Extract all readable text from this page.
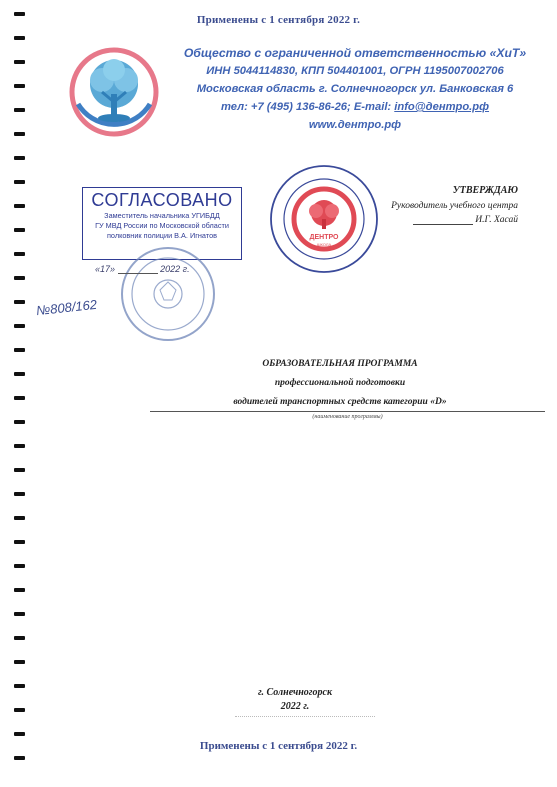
Применены с 1 сентября 2022 г.
Общество с ограниченной ответственностью «ХиТ»
ИНН 5044114830, КПП 504401001, ОГРН 1195007002706
Московская область г. Солнечногорск ул. Банковская 6
тел: +7 (495) 136-86-26; E-mail: info@дентро.рф
www.дентро.рф
СОГЛАСОВАНО
Заместитель начальника УГИБДД
ГУ МВД России по Московской области
полковник полиции В.А. Игнатов
«17»	2022 г.
ДЕНТРО
ШКОЛА
УТВЕРЖДАЮ
Руководитель учебного центра
И.Г. Хасай
№808/162
ОБРАЗОВАТЕЛЬНАЯ ПРОГРАММА
профессиональной подготовки
водителей транспортных средств категории «D»
(наименование программы)
г. Солнечногорск
2022 г.
Применены с 1 сентября 2022 г.
